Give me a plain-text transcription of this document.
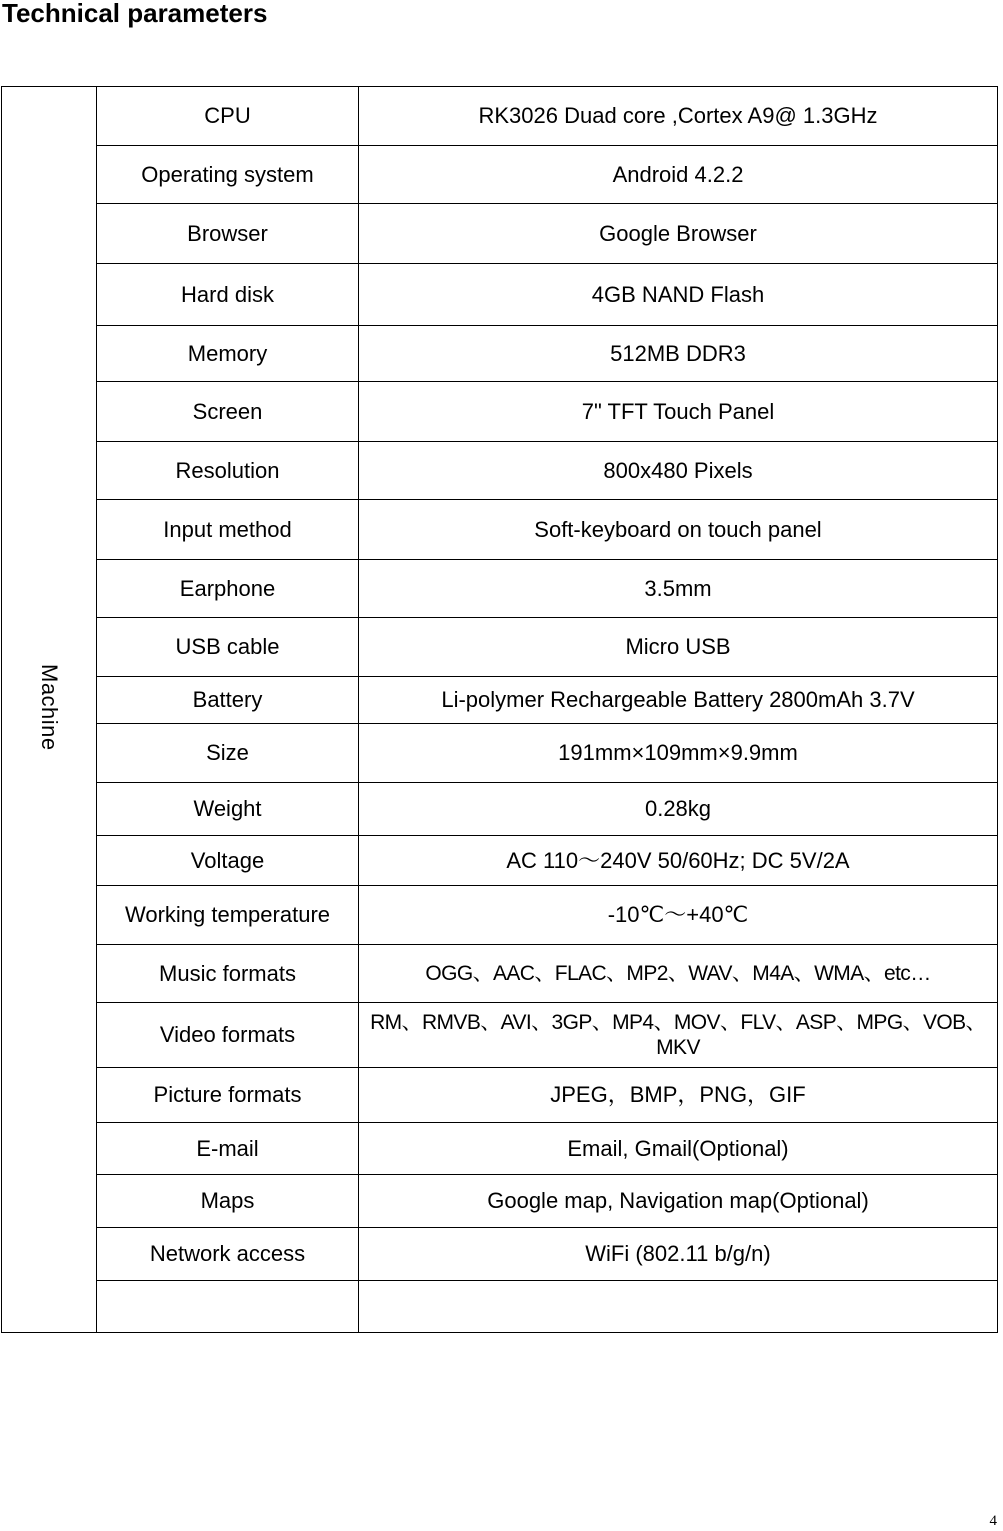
Technical parameters
Machine	CPU	RK3026 Duad core ,Cortex A9@ 1.3GHz
	Operating system	Android 4.2.2
	Browser	Google Browser
	Hard disk	4GB NAND Flash
	Memory	512MB DDR3
	Screen	7" TFT Touch Panel
	Resolution	800x480 Pixels
	Input method	Soft-keyboard on touch panel
	Earphone	3.5mm
	USB cable	Micro USB
	Battery	Li-polymer Rechargeable Battery 2800mAh 3.7V
	Size	191mm×109mm×9.9mm
	Weight	0.28kg
	Voltage	AC 110～240V 50/60Hz; DC 5V/2A
	Working temperature	-10℃～+40℃
	Music formats	OGG、AAC、FLAC、MP2、WAV、M4A、WMA、etc…
	Video formats	RM、RMVB、AVI、3GP、MP4、MOV、FLV、ASP、MPG、VOB、 MKV
	Picture formats	JPEG，BMP，PNG，GIF
	E-mail	Email, Gmail(Optional)
	Maps	Google map, Navigation map(Optional)
	Network access	WiFi (802.11 b/g/n)

4
